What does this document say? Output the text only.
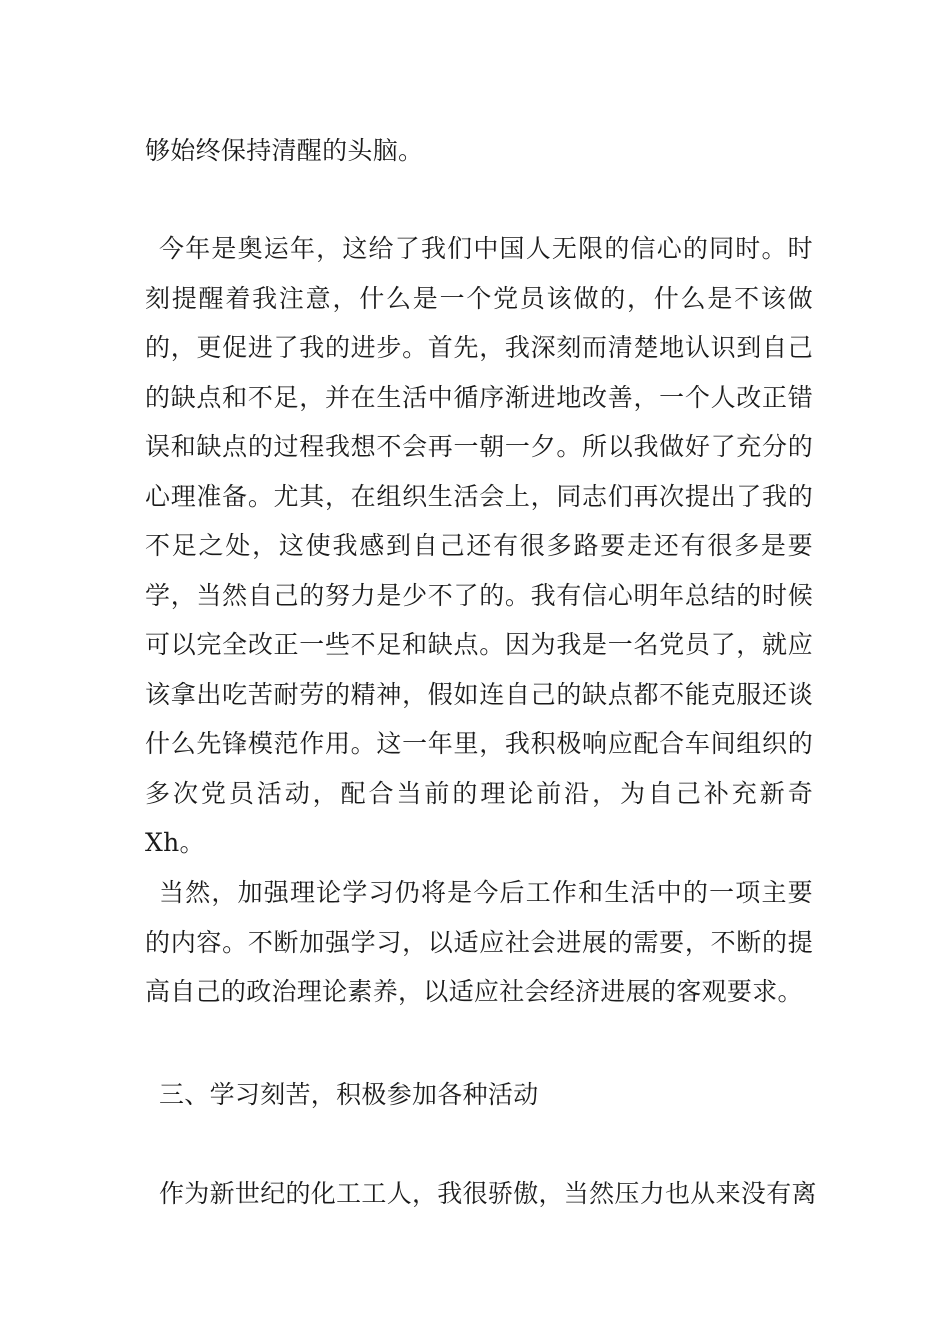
够始终保持清醒的头脑。
今年是奥运年，这给了我们中国人无限的信心的同时。时刻提醒着我注意，什么是一个党员该做的，什么是不该做的，更促进了我的进步。首先，我深刻而清楚地认识到自己的缺点和不足，并在生活中循序渐进地改善，一个人改正错误和缺点的过程我想不会再一朝一夕。所以我做好了充分的心理准备。尤其，在组织生活会上，同志们再次提出了我的不足之处，这使我感到自己还有很多路要走还有很多是要学，当然自己的努力是少不了的。我有信心明年总结的时候可以完全改正一些不足和缺点。因为我是一名党员了，就应该拿出吃苦耐劳的精神，假如连自己的缺点都不能克服还谈什么先锋模范作用。这一年里，我积极响应配合车间组织的多次党员活动，配合当前的理论前沿，为自己补充新奇 Xh。
当然，加强理论学习仍将是今后工作和生活中的一项主要的内容。不断加强学习，以适应社会进展的需要，不断的提高自己的政治理论素养，以适应社会经济进展的客观要求。
三、学习刻苦，积极参加各种活动
作为新世纪的化工工人，我很骄傲，当然压力也从来没有离
